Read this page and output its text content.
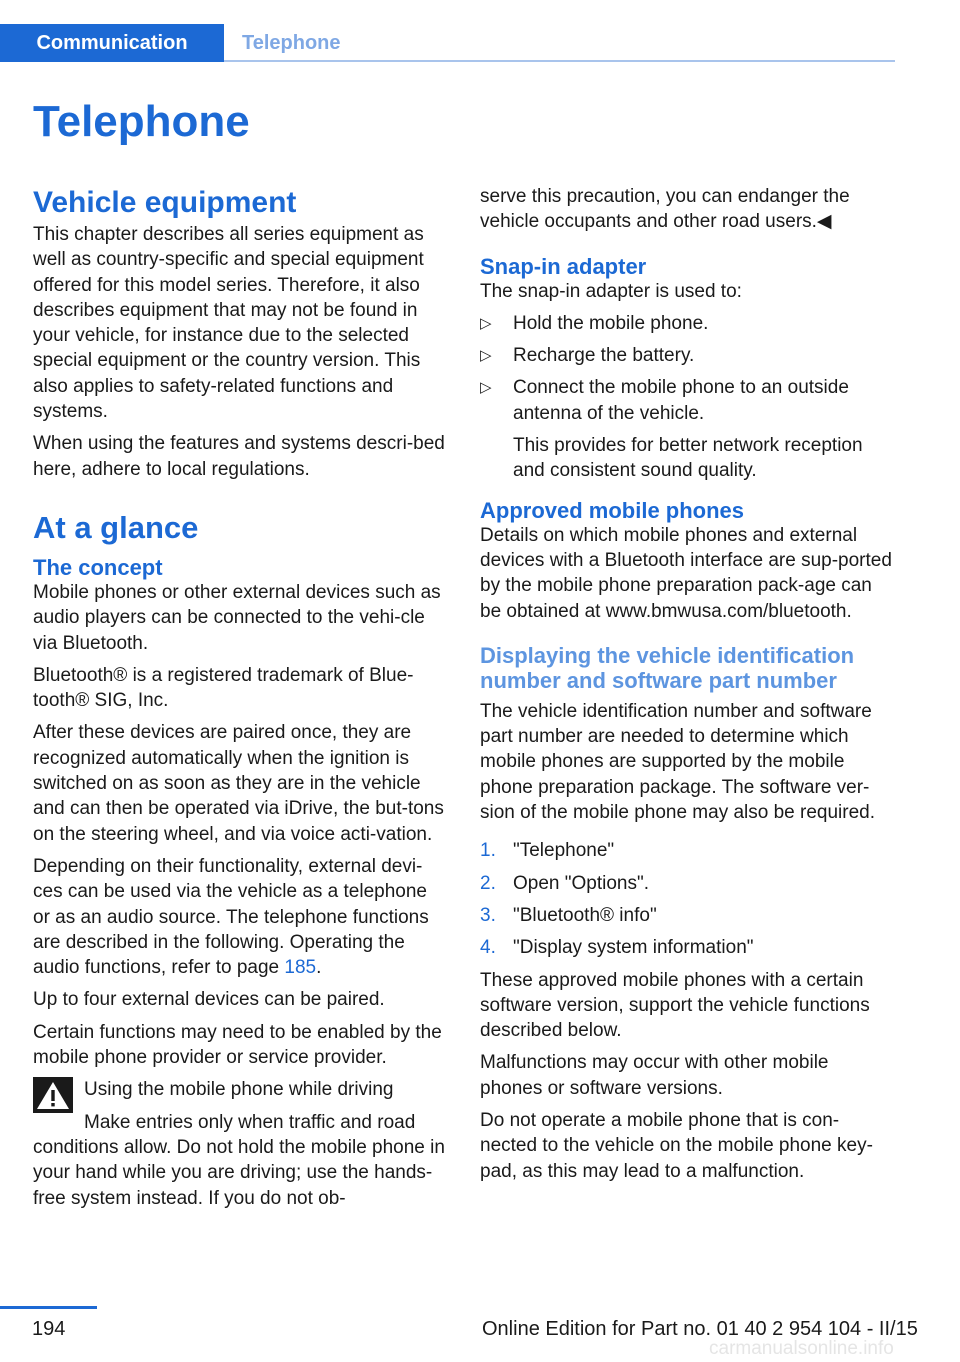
Communication	Telephone
Telephone
Vehicle equipment

This chapter describes all series equipment as well as country-specific and special equipment offered for this model series. Therefore, it also describes equipment that may not be found in your vehicle, for instance due to the selected special equipment or the country version. This also applies to safety-related functions and systems.

When using the features and systems descri‐bed here, adhere to local regulations.

At a glance
The concept

Mobile phones or other external devices such as audio players can be connected to the vehi‐cle via Bluetooth.

Bluetooth® is a registered trademark of Blue‐tooth® SIG, Inc.

After these devices are paired once, they are recognized automatically when the ignition is switched on as soon as they are in the vehicle and can then be operated via iDrive, the but‐tons on the steering wheel, and via voice acti‐vation.

Depending on their functionality, external devi‐ces can be used via the vehicle as a telephone or as an audio source. The telephone functions are described in the following. Operating the audio functions, refer to page 185.

Up to four external devices can be paired.

Certain functions may need to be enabled by the mobile phone provider or service provider.

Using the mobile phone while driving
Make entries only when traffic and road
conditions allow. Do not hold the mobile phone in your hand while you are driving; use the hands-free system instead. If you do not ob‐

serve this precaution, you can endanger the vehicle occupants and other road users.◀

Snap-in adapter

The snap-in adapter is used to:

▷ Hold the mobile phone.
▷ Recharge the battery.
▷ Connect the mobile phone to an outside antenna of the vehicle.
This provides for better network reception and consistent sound quality.
Approved mobile phones

Details on which mobile phones and external devices with a Bluetooth interface are sup‐ported by the mobile phone preparation pack‐age can be obtained at www.bmwusa.com/bluetooth.

Displaying the vehicle identification number and software part number

The vehicle identification number and software part number are needed to determine which mobile phones are supported by the mobile phone preparation package. The software ver‐sion of the mobile phone may also be required.

1. "Telephone"
2. Open "Options".
3. "Bluetooth® info"
4. "Display system information"

These approved mobile phones with a certain software version, support the vehicle functions described below.

Malfunctions may occur with other mobile phones or software versions.

Do not operate a mobile phone that is con‐nected to the vehicle on the mobile phone key‐pad, as this may lead to a malfunction.

194	Online Edition for Part no. 01 40 2 954 104 - II/15
carmanualsonline.info
